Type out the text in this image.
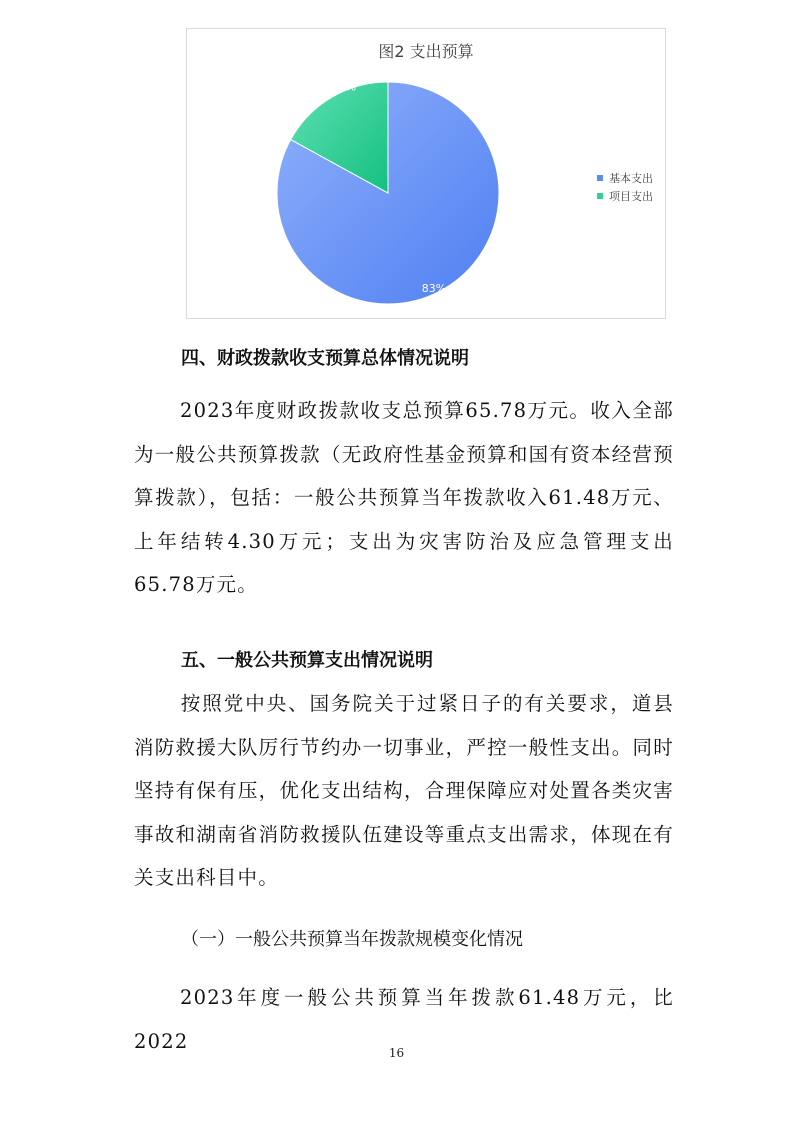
图2 支出预算
83%
17%
基本支出
项目支出
四、财政拨款收支预算总体情况说明

2023年度财政拨款收支总预算65.78万元。收入全部为一般公共预算拨款（无政府性基金预算和国有资本经营预算拨款），包括：一般公共预算当年拨款收入61.48万元、上年结转4.30万元；支出为灾害防治及应急管理支出65.78万元。

五、一般公共预算支出情况说明

按照党中央、国务院关于过紧日子的有关要求，道县消防救援大队厉行节约办一切事业，严控一般性支出。同时坚持有保有压，优化支出结构，合理保障应对处置各类灾害事故和湖南省消防救援队伍建设等重点支出需求，体现在有关支出科目中。

（一）一般公共预算当年拨款规模变化情况

2023年度一般公共预算当年拨款61.48万元，比2022

16
